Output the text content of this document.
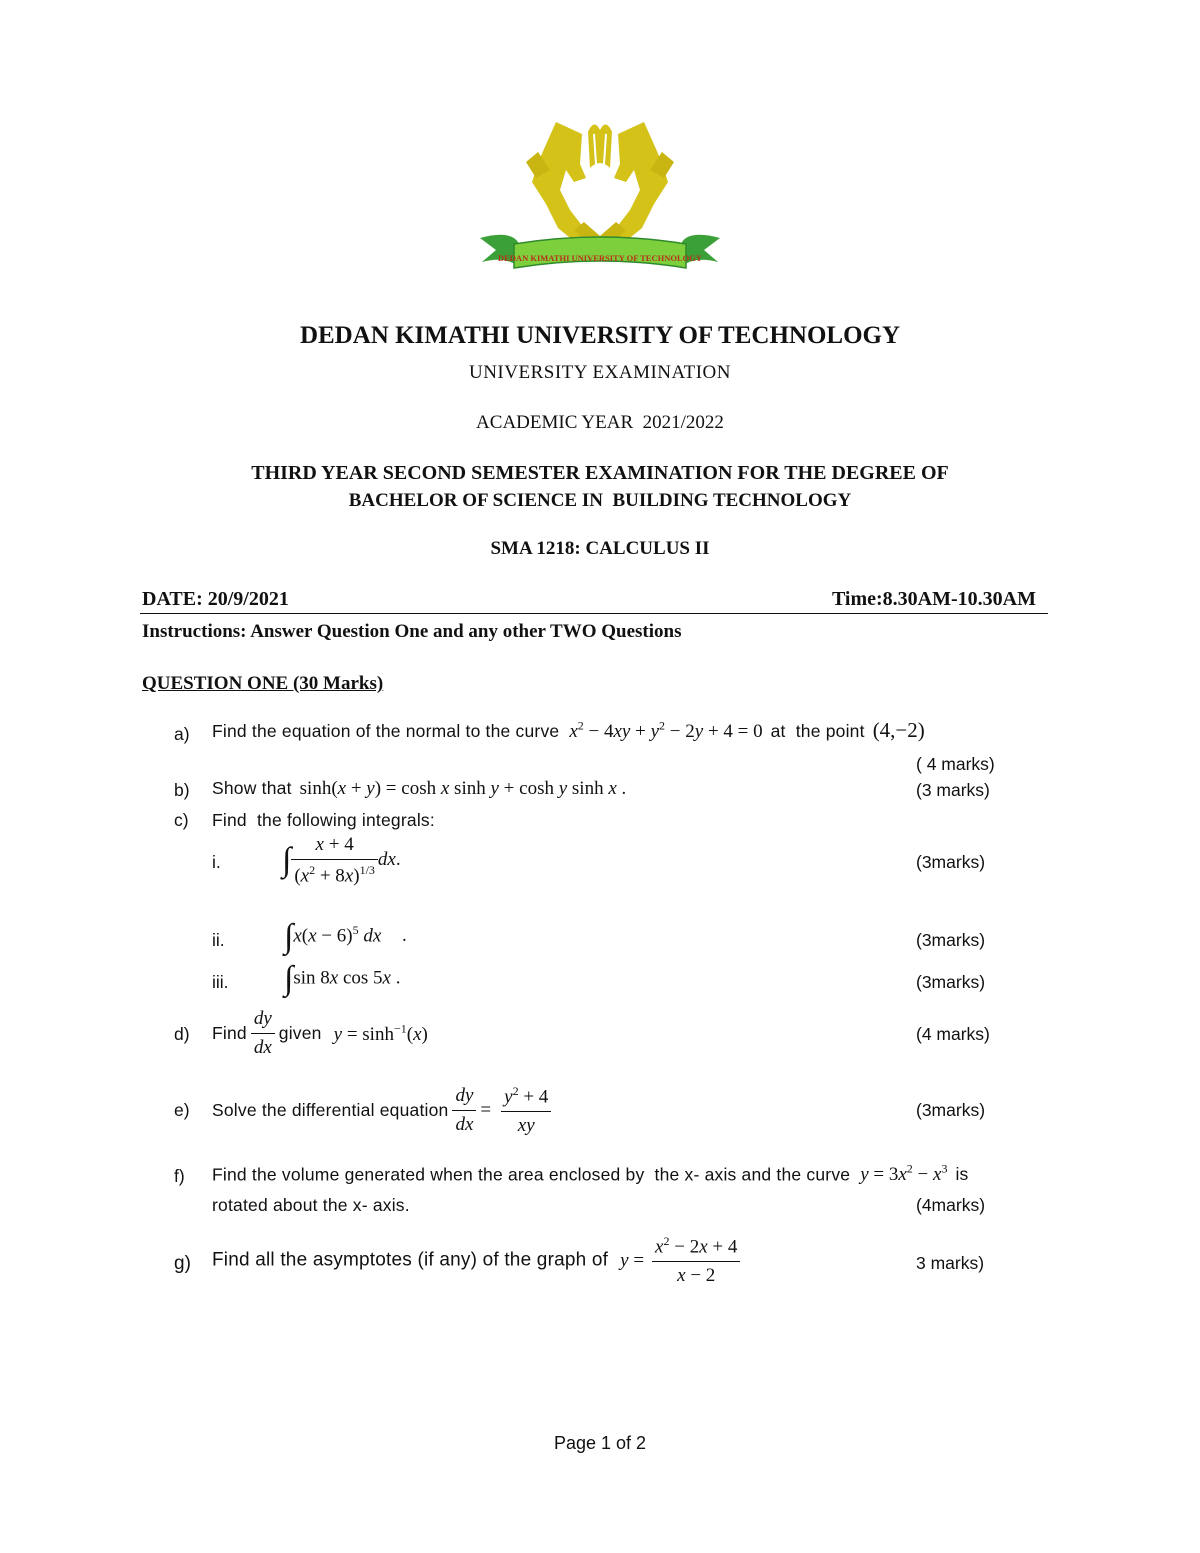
DEDAN KIMATHI UNIVERSITY OF TECHNOLOGY
DEDAN KIMATHI UNIVERSITY OF TECHNOLOGY
UNIVERSITY EXAMINATION
ACADEMIC YEAR  2021/2022
THIRD YEAR SECOND SEMESTER EXAMINATION FOR THE DEGREE OF
BACHELOR OF SCIENCE IN  BUILDING TECHNOLOGY
SMA 1218: CALCULUS II
DATE: 20/9/2021	Time:8.30AM-10.30AM
Instructions: Answer Question One and any other TWO Questions
QUESTION ONE (30 Marks)
a) Find the equation of the normal to the curve $x^2 - 4xy + y^2 - 2y + 4 = 0$ at  the point (4,−2)
( 4 marks)
b) Show that sinh(x + y) = cosh x sinh y + cosh y sinh x .	(3 marks)
c) Find  the following integrals:
i. ∫ $\frac{x + 4}{(x^2 + 8x)^{1/3}}$ dx.	(3marks)
ii. $\int x(x - 6)^5$ dx .	(3marks)
iii. ∫sin 8x cos 5x .	(3marks)
d) Find $\frac{dy}{dx}$ given $y = \sinh^{-1}(x)$	(4 marks)
e) Solve the differential equation $\frac{dy}{dx} = \frac{y^2 + 4}{xy}$	(3marks)
f) Find the volume generated when the area enclosed by  the x- axis and the curve $y = 3x^2 - x^3$ is
rotated about the x- axis.	(4marks)
g) Find all the asymptotes (if any) of the graph of $y = \frac{x^2 - 2x + 4}{x - 2}$	3 marks)
Page 1 of 2
